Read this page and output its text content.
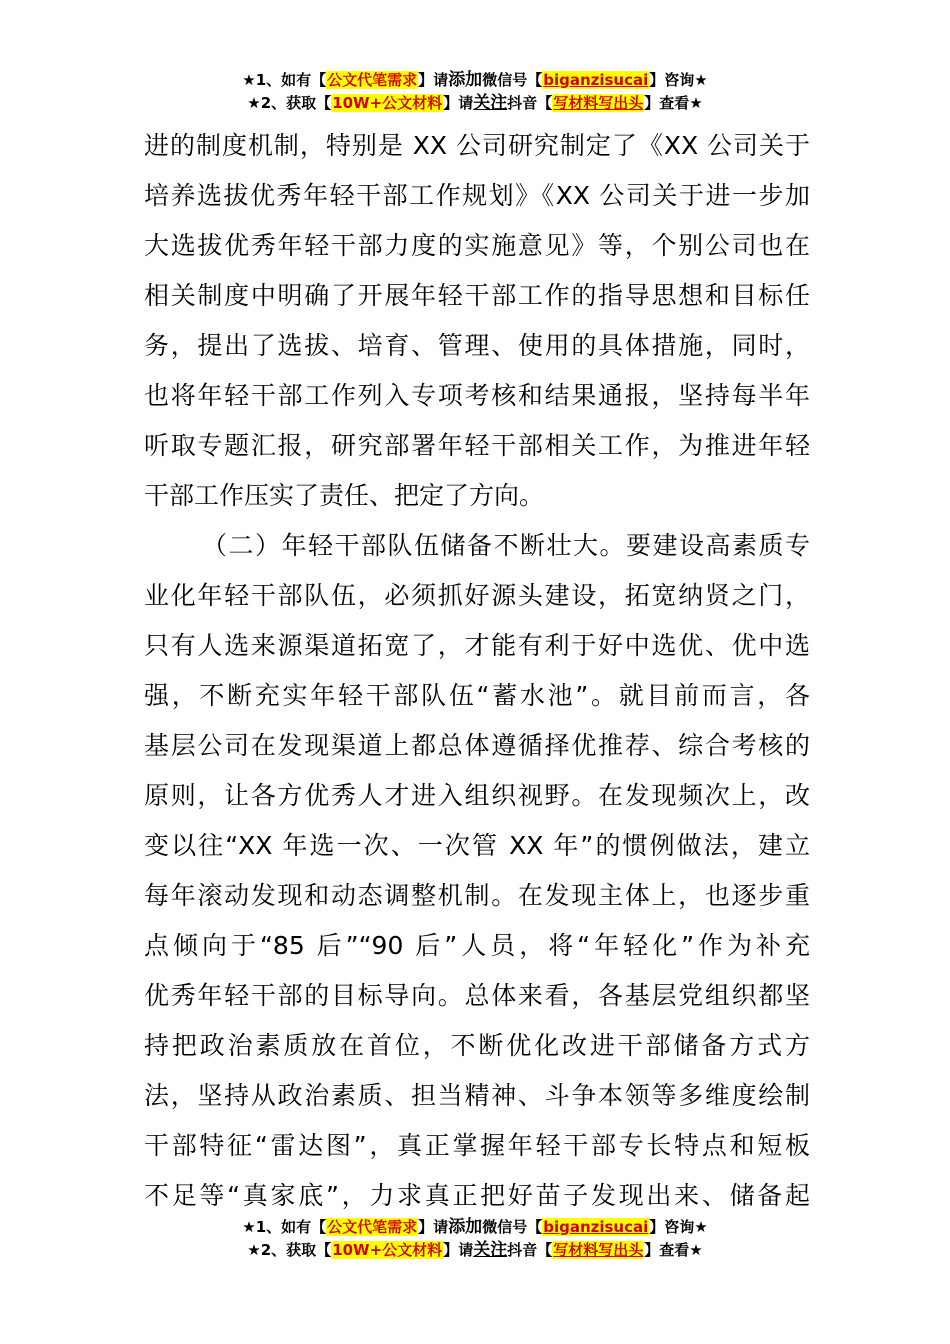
★1、如有【公文代笔需求】请添加微信号【biganzisucai】咨询★
★2、获取【10W+公文材料】请关注抖音【写材料写出头】查看★
进的制度机制，特别是 XX 公司研究制定了《XX 公司关于
培养选拔优秀年轻干部工作规划》《XX 公司关于进一步加
大选拔优秀年轻干部力度的实施意见》等，个别公司也在
相关制度中明确了开展年轻干部工作的指导思想和目标任
务，提出了选拔、培育、管理、使用的具体措施，同时，
也将年轻干部工作列入专项考核和结果通报，坚持每半年
听取专题汇报，研究部署年轻干部相关工作，为推进年轻
干部工作压实了责任、把定了方向。
（二）年轻干部队伍储备不断壮大。要建设高素质专
业化年轻干部队伍，必须抓好源头建设，拓宽纳贤之门，
只有人选来源渠道拓宽了，才能有利于好中选优、优中选
强，不断充实年轻干部队伍“蓄水池”。就目前而言，各
基层公司在发现渠道上都总体遵循择优推荐、综合考核的
原则，让各方优秀人才进入组织视野。在发现频次上，改
变以往“XX 年选一次、一次管 XX 年”的惯例做法，建立
每年滚动发现和动态调整机制。在发现主体上，也逐步重
点倾向于“85 后”“90 后”人员，将“年轻化”作为补充
优秀年轻干部的目标导向。总体来看，各基层党组织都坚
持把政治素质放在首位，不断优化改进干部储备方式方
法，坚持从政治素质、担当精神、斗争本领等多维度绘制
干部特征“雷达图”，真正掌握年轻干部专长特点和短板
不足等“真家底”，力求真正把好苗子发现出来、储备起
★1、如有【公文代笔需求】请添加微信号【biganzisucai】咨询★
★2、获取【10W+公文材料】请关注抖音【写材料写出头】查看★
